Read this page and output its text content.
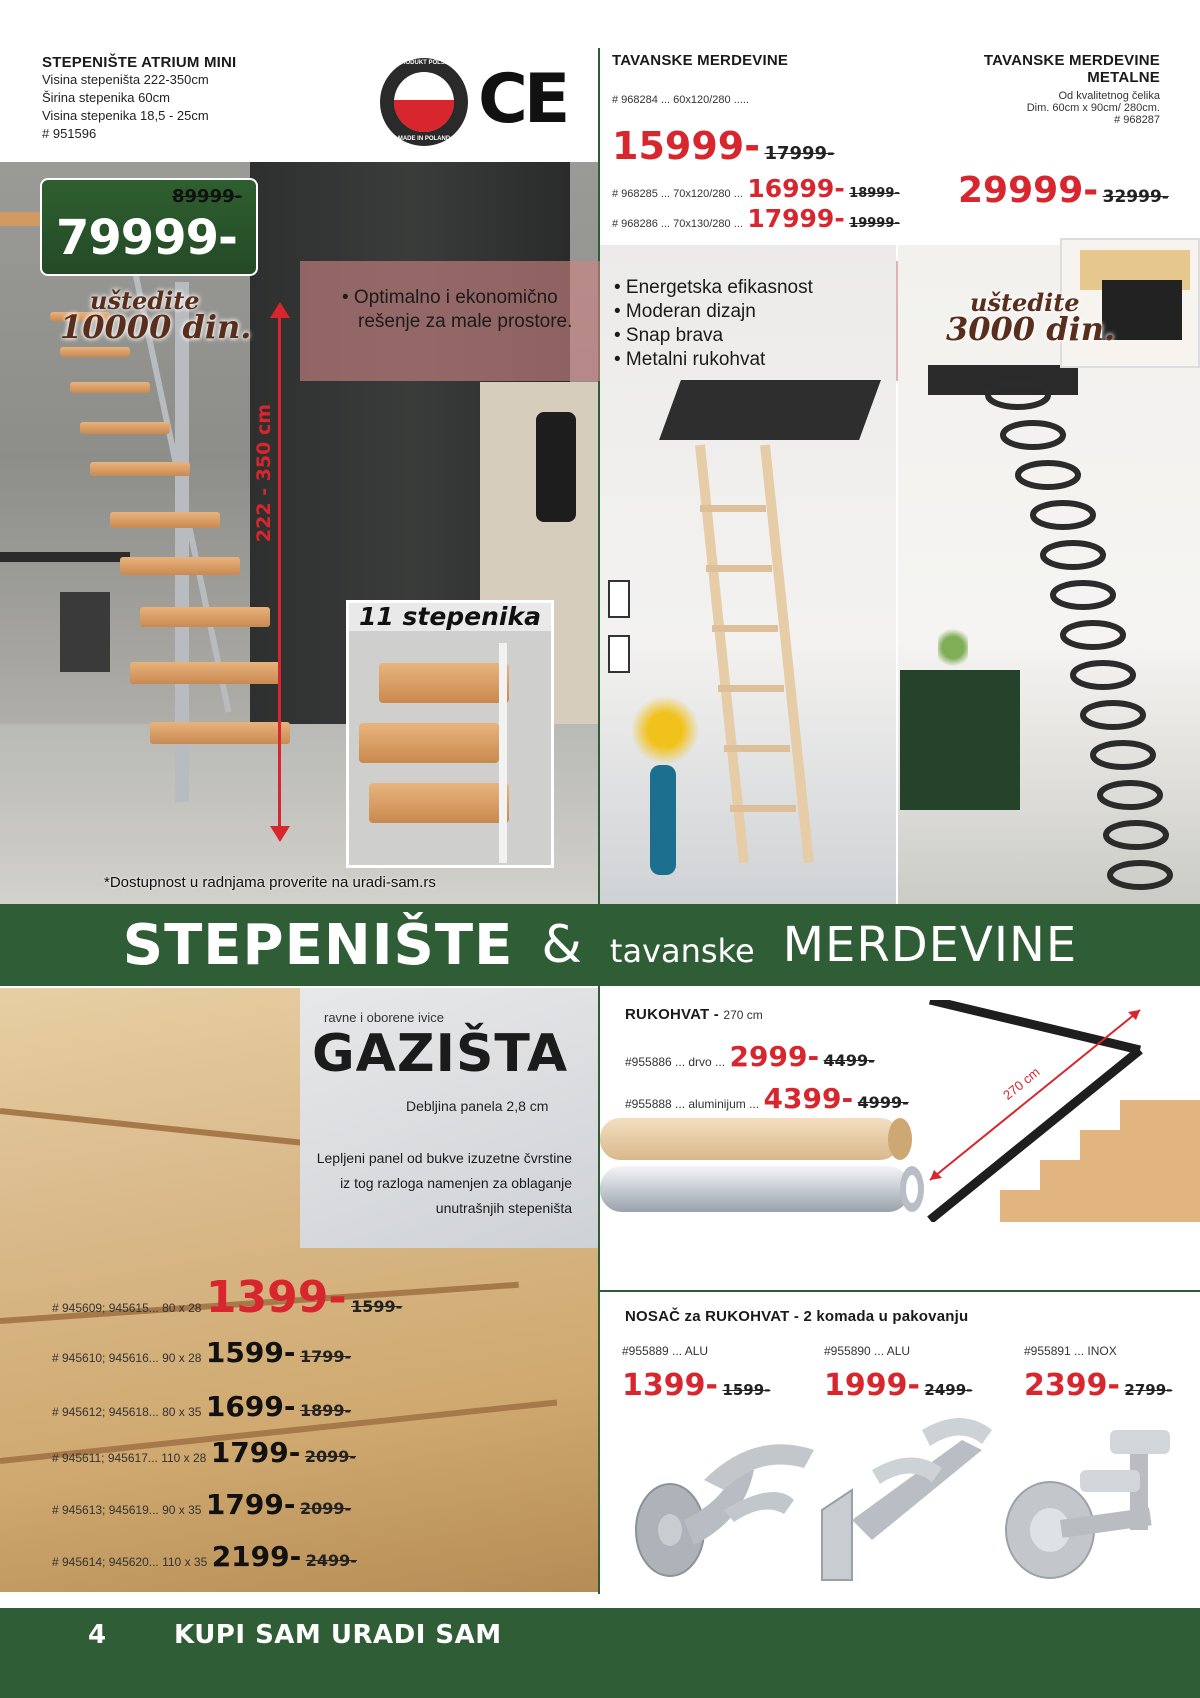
STEPENIŠTE ATRIUM MINI
Visina stepeništa 222-350cm
Širina stepenika 60cm
Visina stepenika 18,5 - 25cm
# 951596
PRODUKT POLSKI
MADE IN POLAND CE	TAVANSKE MERDEVINE
# 968284 ... 60x120/280 .....
15999- 17999-
# 968285 ... 70x120/280 ... 16999- 18999-
# 968286 ... 70x130/280 ... 17999- 19999-
TAVANSKE MERDEVINE
METALNE
Od kvalitetnog čelika
Dim. 60cm x 90cm/ 280cm.
# 968287
29999- 32999-
222 - 350 cm
11 stepenika
*Dostupnost u radnjama proverite na uradi-sam.rs
• Optimalno i ekonomično
rešenje za male prostore.
89999-
79999-
uštedite
10000 din.
• Energetska efikasnost
• Moderan dizajn
• Snap brava
• Metalni rukohvat
uštedite
3000 din.
STEPENIŠTE & tavanske MERDEVINE
ravne i oborene ivice
GAZIŠTA
Debljina panela 2,8 cm
Lepljeni panel od bukve izuzetne čvrstine
iz tog razloga namenjen za oblaganje
unutrašnjih stepeništa
# 945609; 945615... 80 x 28 1399- 1599-
# 945610; 945616... 90 x 28 1599- 1799-
# 945612; 945618... 80 x 35 1699- 1899-
# 945611; 945617... 110 x 28 1799- 2099-
# 945613; 945619... 90 x 35 1799- 2099-
# 945614; 945620... 110 x 35 2199- 2499-
RUKOHVAT - 270 cm
#955886 ... drvo ... 2999- 4499-
#955888 ... aluminijum ... 4399- 4999-	270 cm
NOSAČ za RUKOHVAT - 2 komada u pakovanju
#955889 ... ALU	#955890 ... ALU	#955891 ... INOX
1399- 1599- 1999- 2499- 2399- 2799-
4	KUPI SAM URADI SAM
